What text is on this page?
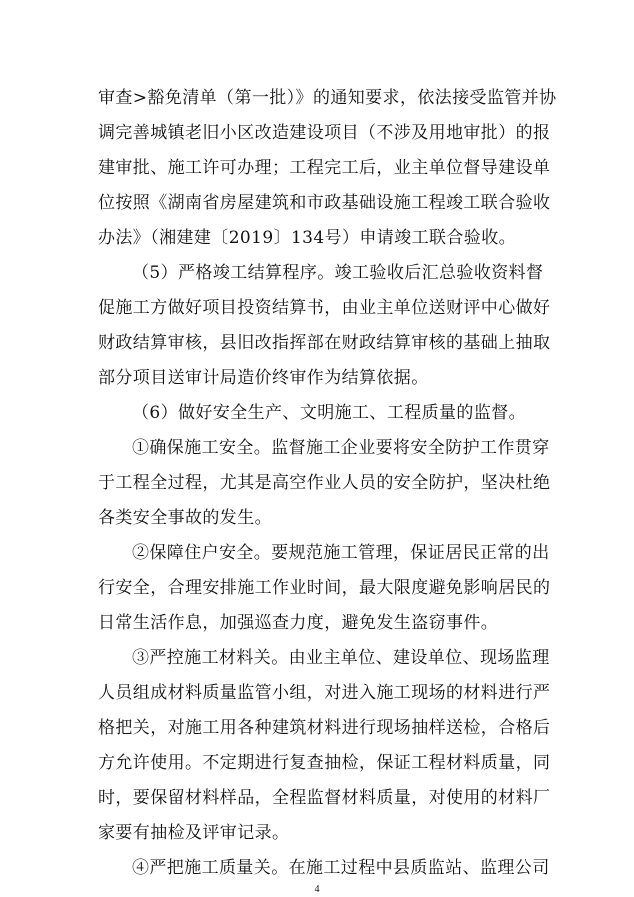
审查>豁免清单（第一批）》的通知要求，依法接受监管并协
调完善城镇老旧小区改造建设项目（不涉及用地审批）的报
建审批、施工许可办理；工程完工后，业主单位督导建设单
位按照《湖南省房屋建筑和市政基础设施工程竣工联合验收
办法》（湘建建〔2019〕134号）申请竣工联合验收。
（5）严格竣工结算程序。竣工验收后汇总验收资料督
促施工方做好项目投资结算书，由业主单位送财评中心做好
财政结算审核，县旧改指挥部在财政结算审核的基础上抽取
部分项目送审计局造价终审作为结算依据。
（6）做好安全生产、文明施工、工程质量的监督。
①确保施工安全。监督施工企业要将安全防护工作贯穿
于工程全过程，尤其是高空作业人员的安全防护，坚决杜绝
各类安全事故的发生。
②保障住户安全。要规范施工管理，保证居民正常的出
行安全，合理安排施工作业时间，最大限度避免影响居民的
日常生活作息，加强巡查力度，避免发生盗窃事件。
③严控施工材料关。由业主单位、建设单位、现场监理
人员组成材料质量监管小组，对进入施工现场的材料进行严
格把关，对施工用各种建筑材料进行现场抽样送检，合格后
方允许使用。不定期进行复查抽检，保证工程材料质量，同
时，要保留材料样品，全程监督材料质量，对使用的材料厂
家要有抽检及评审记录。
④严把施工质量关。在施工过程中县质监站、监理公司
4
